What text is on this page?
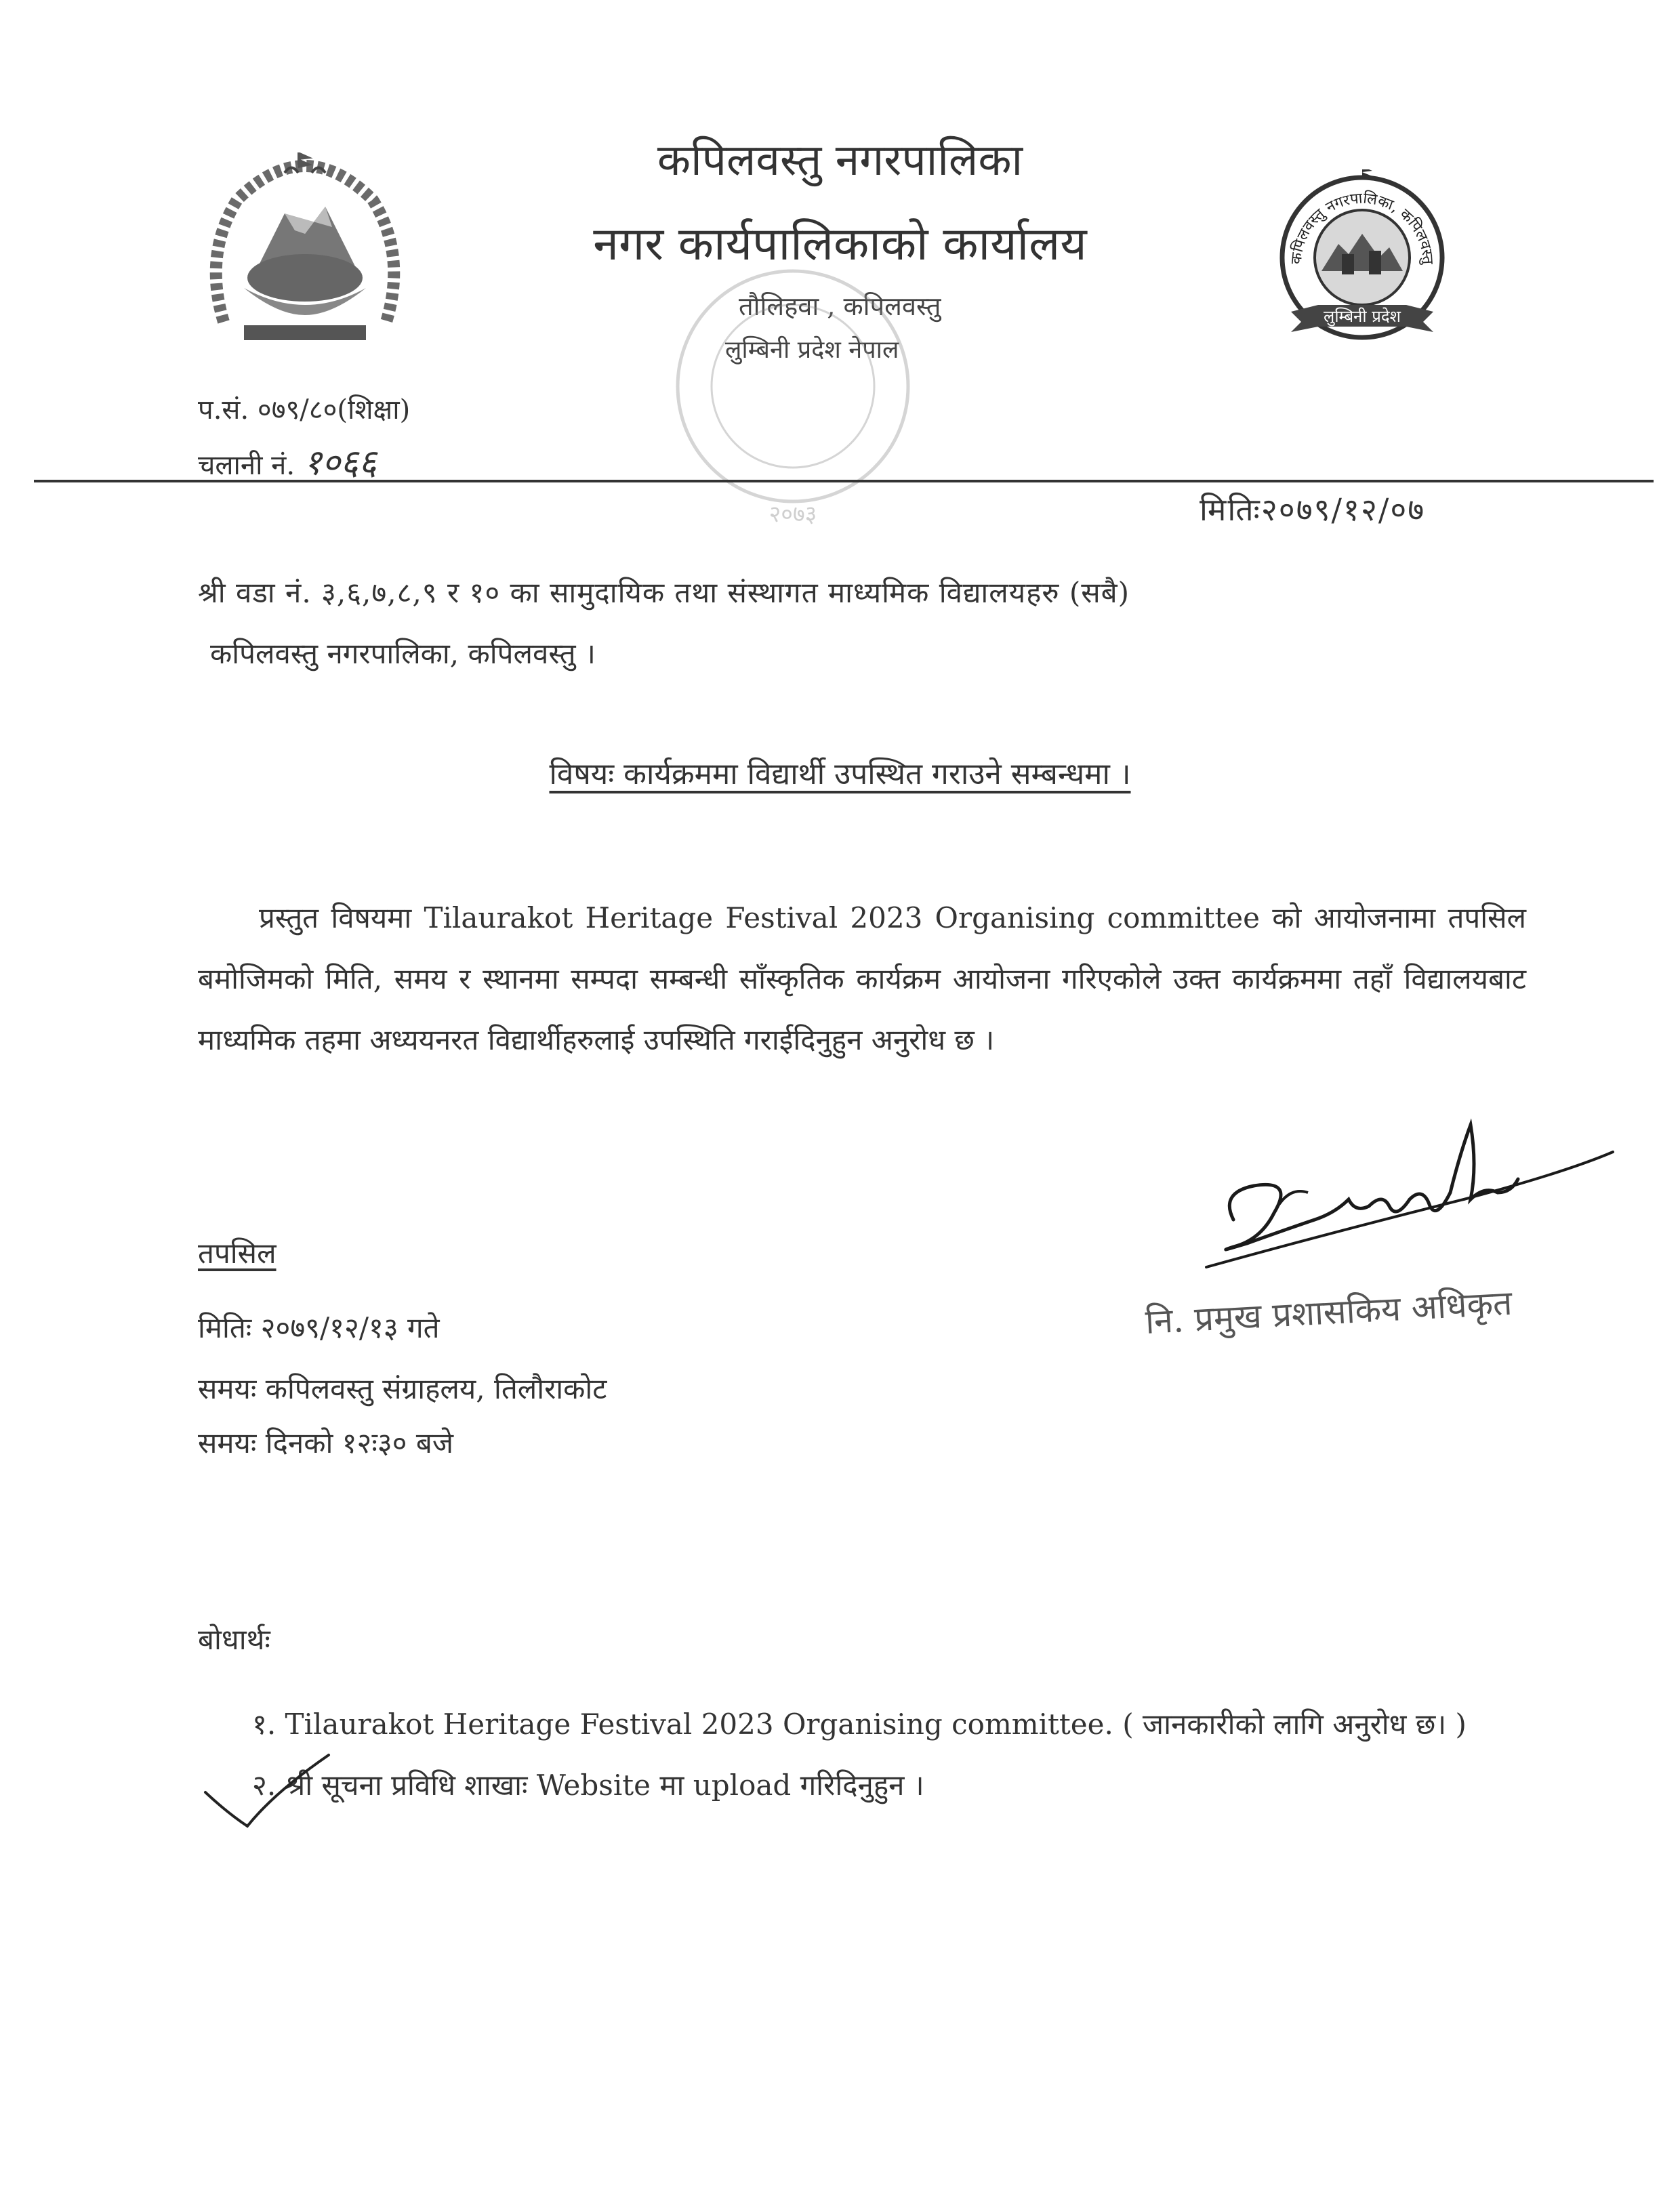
कपिलवस्तु नगरपालिका
नगर कार्यपालिकाको कार्यालय
तौलिहवा , कपिलवस्तु
लुम्बिनी प्रदेश नेपाल
२०७३
कपिलवस्तु नगरपालिका, कपिलवस्तु
लुम्बिनी प्रदेश
प.सं. ०७९/८०(शिक्षा)
चलानी नं. १०६६
मितिः२०७९/१२/०७
श्री वडा नं. ३,६,७,८,९ र १० का सामुदायिक तथा संस्थागत माध्यमिक विद्यालयहरु (सबै)
कपिलवस्तु नगरपालिका, कपिलवस्तु ।
विषयः कार्यक्रममा विद्यार्थी उपस्थित गराउने सम्बन्धमा ।
प्रस्तुत विषयमा Tilaurakot Heritage Festival 2023 Organising committee को आयोजनामा तपसिल बमोजिमको मिति, समय र स्थानमा सम्पदा सम्बन्धी साँस्कृतिक कार्यक्रम आयोजना गरिएकोले उक्त कार्यक्रममा तहाँ विद्यालयबाट माध्यमिक तहमा अध्ययनरत विद्यार्थीहरुलाई उपस्थिति गराईदिनुहुन अनुरोध छ ।
नि. प्रमुख प्रशासकिय अधिकृत
तपसिल
मितिः २०७९/१२/१३ गते
समयः कपिलवस्तु संग्राहलय, तिलौराकोट
समयः दिनको १२ः३० बजे
बोधार्थः
१. Tilaurakot Heritage Festival 2023 Organising committee. ( जानकारीको लागि अनुरोध छ। )
२. श्री सूचना प्रविधि शाखाः Website मा upload गरिदिनुहुन ।
